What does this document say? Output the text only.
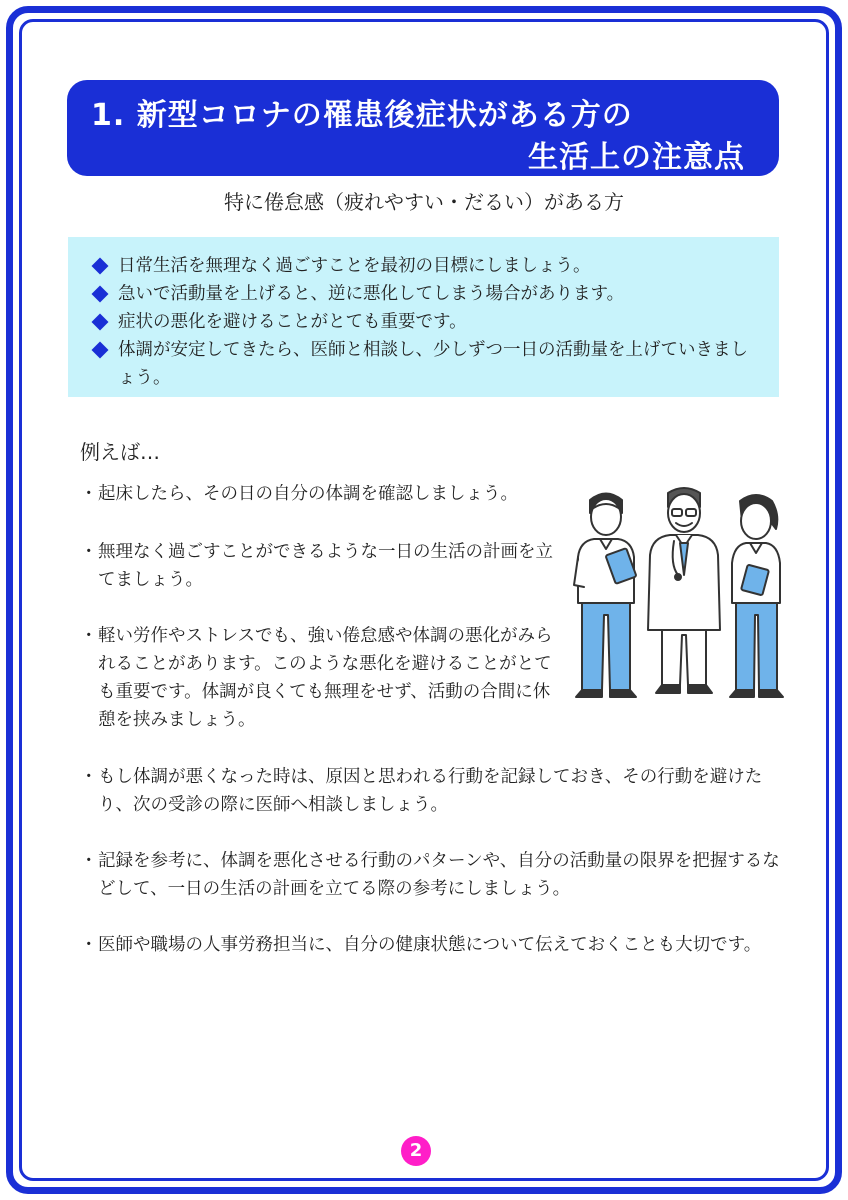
1. 新型コロナの罹患後症状がある方の
生活上の注意点
特に倦怠感（疲れやすい・だるい）がある方
日常生活を無理なく過ごすことを最初の目標にしましょう。
急いで活動量を上げると、逆に悪化してしまう場合があります。
症状の悪化を避けることがとても重要です。
体調が安定してきたら、医師と相談し、少しずつ一日の活動量を上げていきましょう。
例えば…
・ 起床したら、その日の自分の体調を確認しましょう。
・ 無理なく過ごすことができるような一日の生活の計画を立てましょう。
・ 軽い労作やストレスでも、強い倦怠感や体調の悪化がみられることがあります。このような悪化を避けることがとても重要です。体調が良くても無理をせず、活動の合間に休憩を挟みましょう。
・ もし体調が悪くなった時は、原因と思われる行動を記録しておき、その行動を避けたり、次の受診の際に医師へ相談しましょう。
・ 記録を参考に、体調を悪化させる行動のパターンや、自分の活動量の限界を把握するなどして、一日の生活の計画を立てる際の参考にしましょう。
・ 医師や職場の人事労務担当に、自分の健康状態について伝えておくことも大切です。
2
